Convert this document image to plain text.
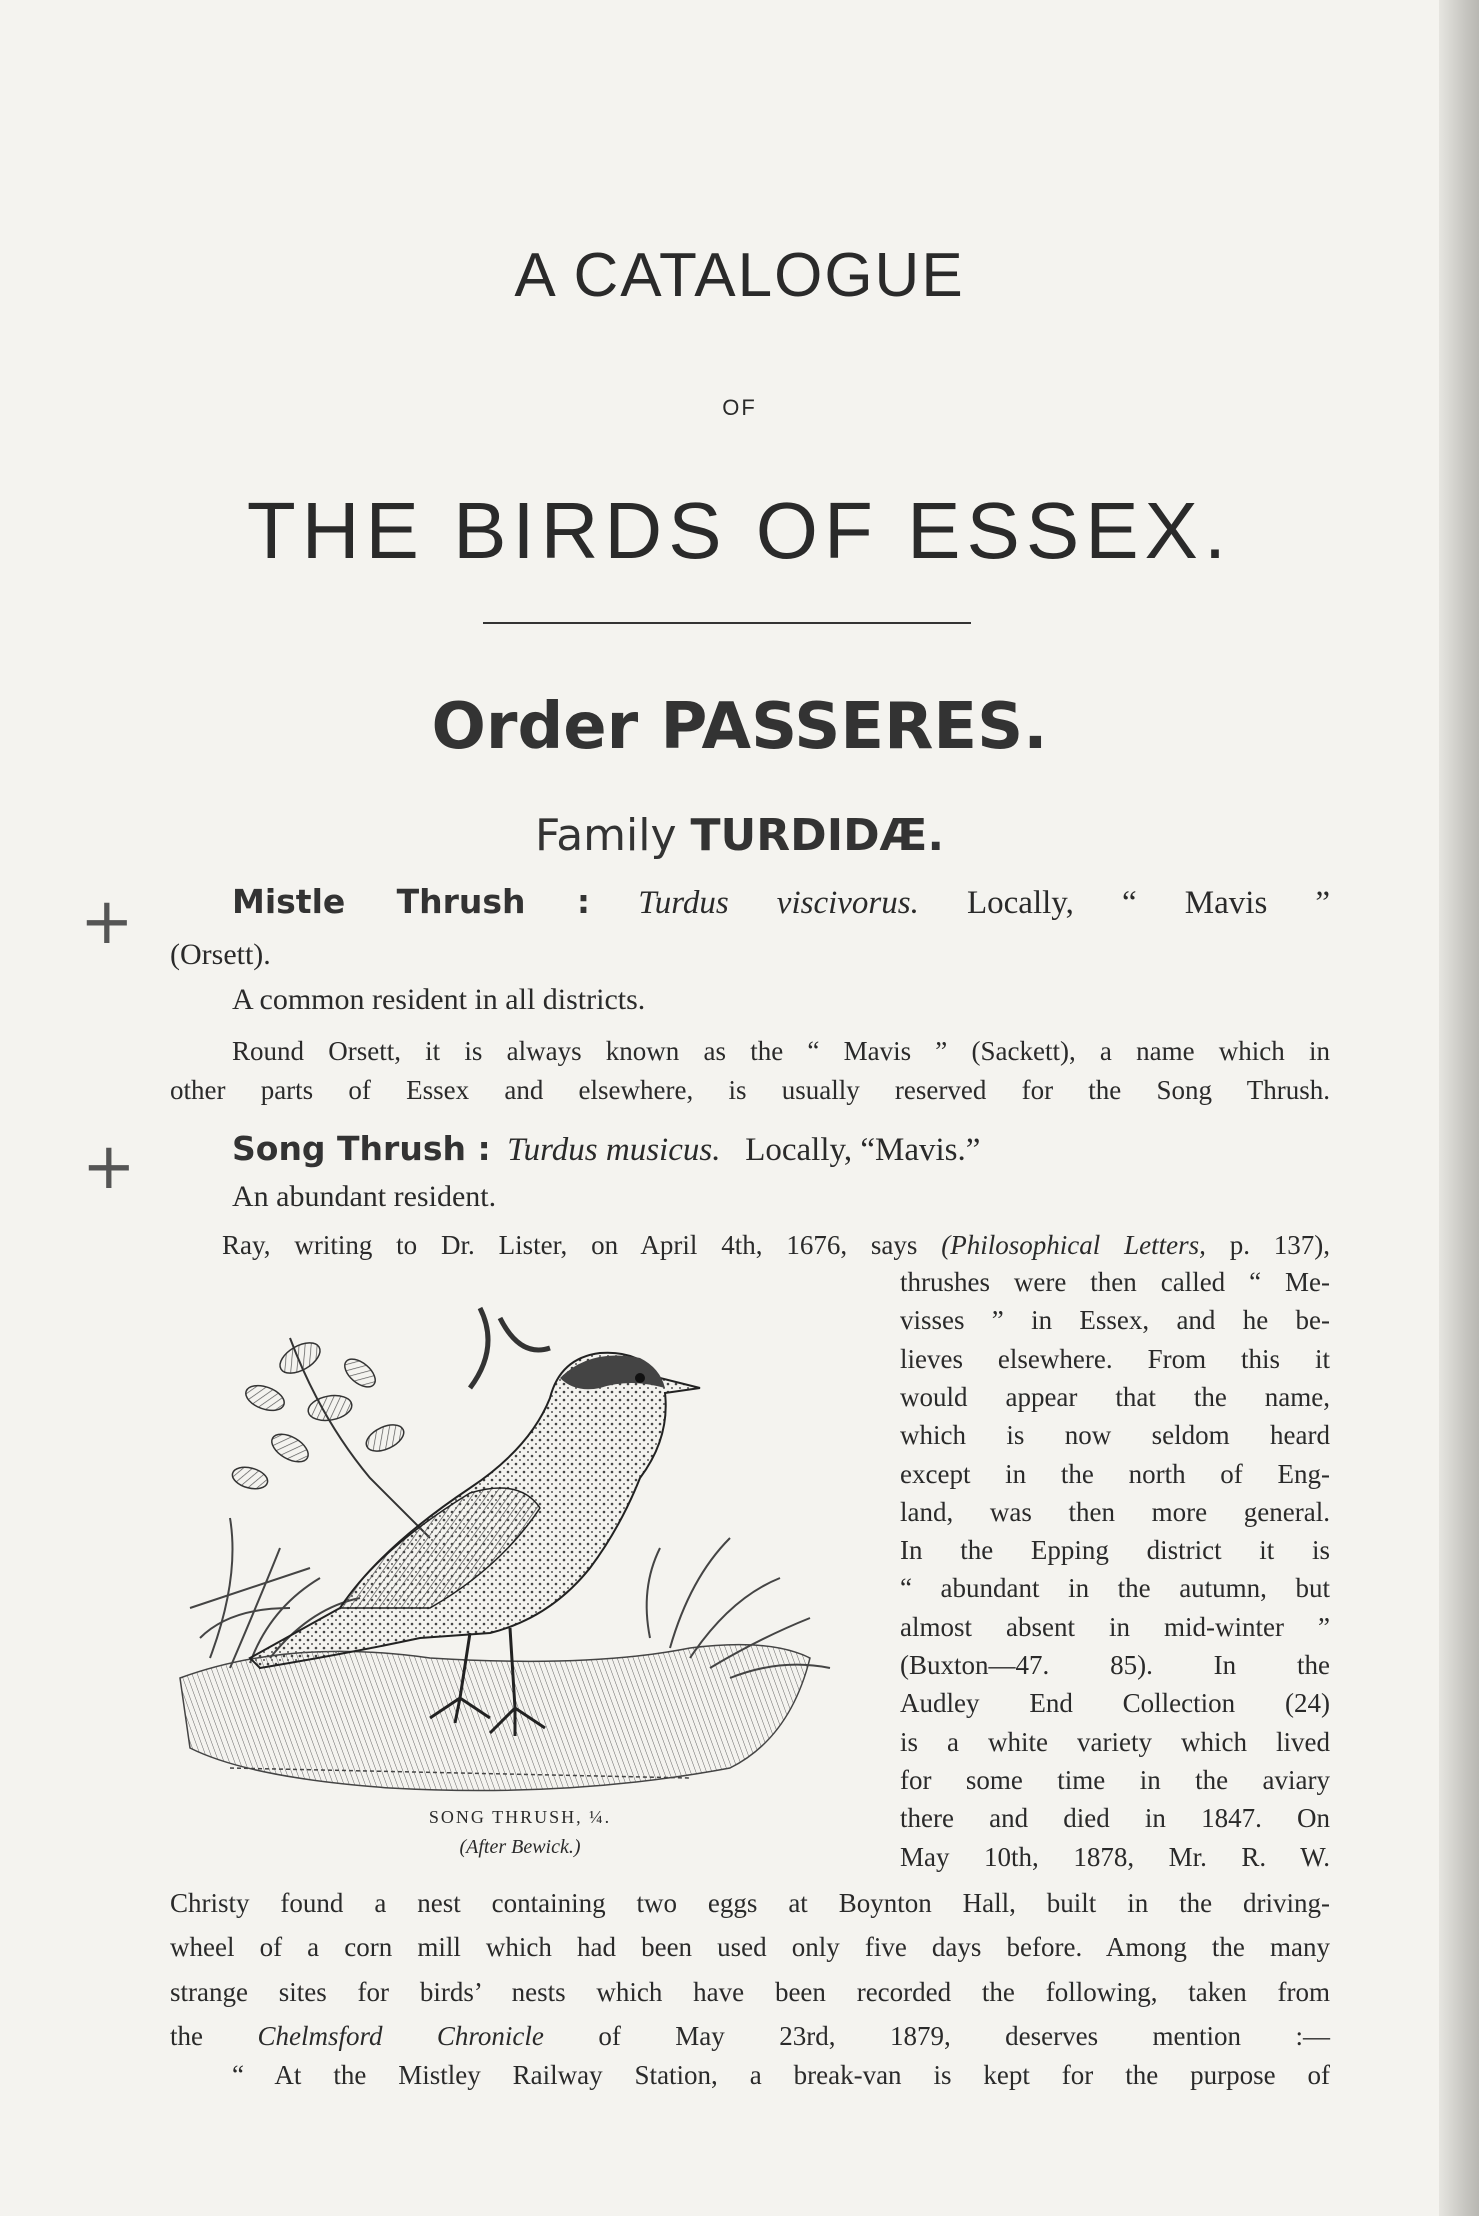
A CATALOGUE
OF
THE BIRDS OF ESSEX.
Order PASSERES.
Family TURDIDÆ.
+
+
Mistle Thrush : Turdus viscivorus. Locally, “ Mavis ”
(Orsett).
A common resident in all districts.
Round Orsett, it is always known as the “ Mavis ” (Sackett), a name which in
other parts of Essex and elsewhere, is usually reserved for the Song Thrush.
Song Thrush : Turdus musicus. Locally, “Mavis.”
An abundant resident.
Ray, writing to Dr. Lister, on April 4th, 1676, says (Philosophical Letters, p. 137),
thrushes were then called “ Me-
visses ” in Essex, and he be-
lieves elsewhere. From this it
would appear that the name,
which is now seldom heard
except in the north of Eng-
land, was then more general.
In the Epping district it is
“ abundant in the autumn, but
almost absent in mid-winter ”
(Buxton—47. 85). In the
Audley End Collection (24)
is a white variety which lived
for some time in the aviary
there and died in 1847. On
May 10th, 1878, Mr. R. W.
SONG THRUSH, ¼.
(After Bewick.)
Christy found a nest containing two eggs at Boynton Hall, built in the driving-
wheel of a corn mill which had been used only five days before. Among the many
strange sites for birds’ nests which have been recorded the following, taken from
the Chelmsford Chronicle of May 23rd, 1879, deserves mention :—
“ At the Mistley Railway Station, a break-van is kept for the purpose of
